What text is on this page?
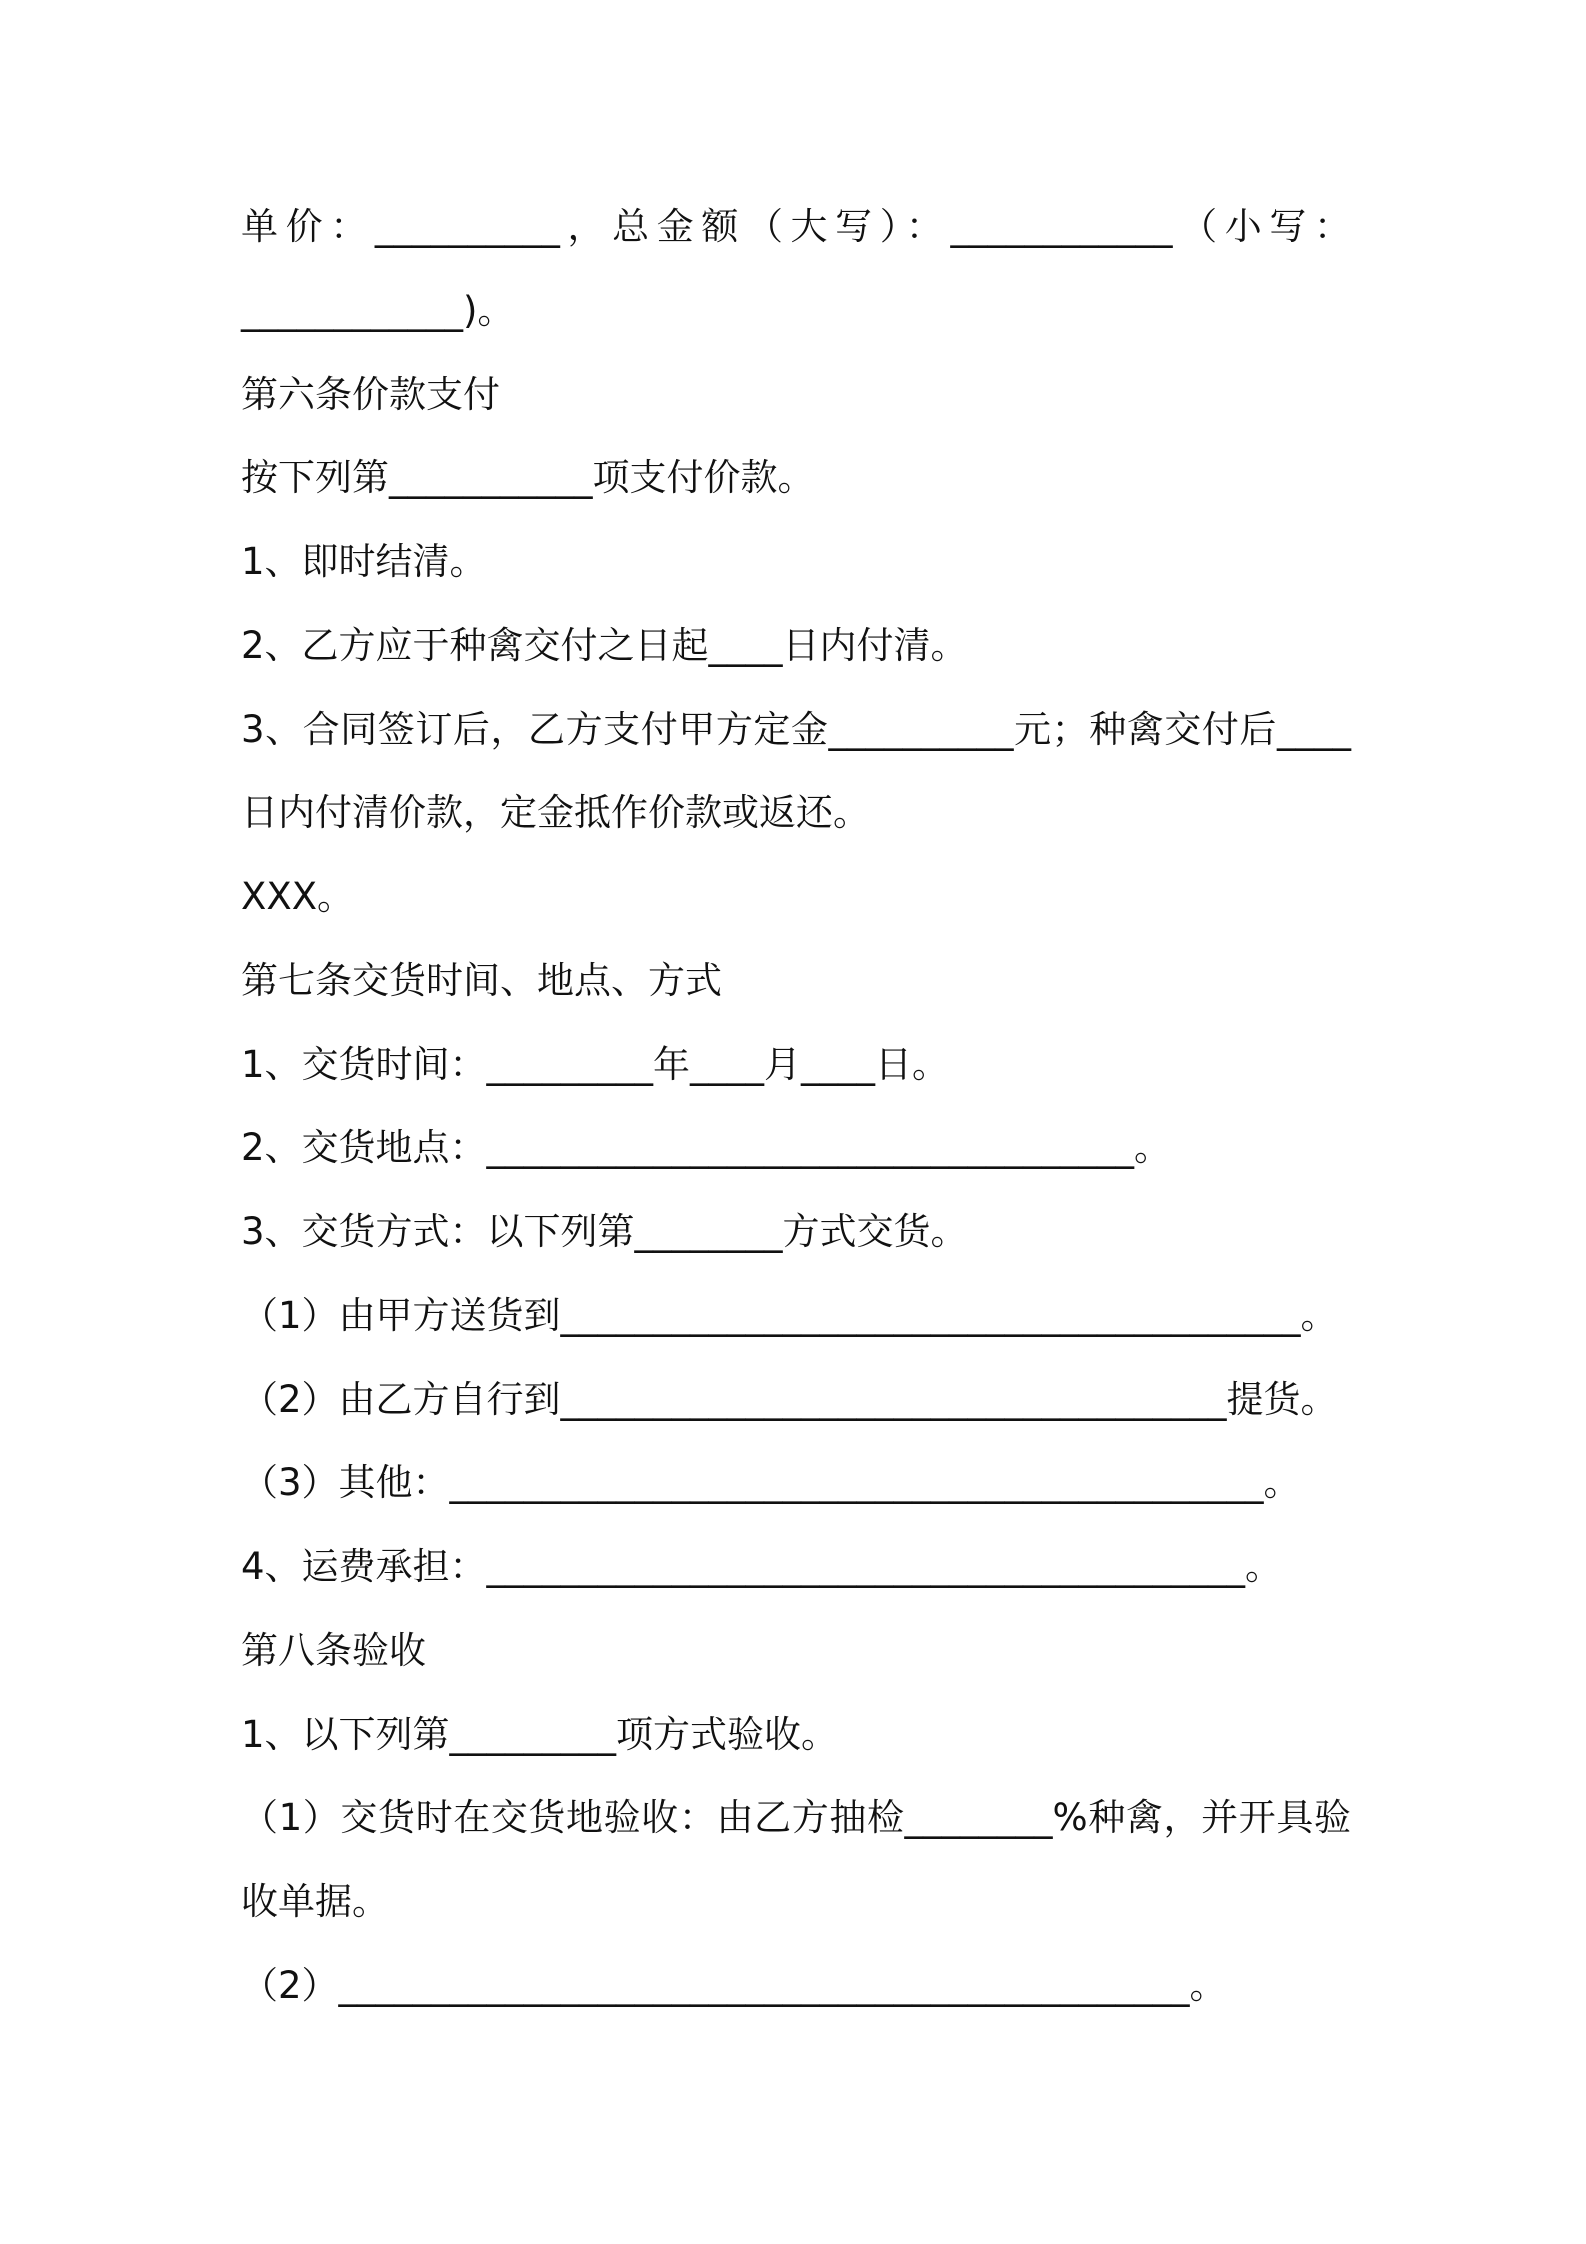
单价：__________，总金额（大写）：____________（小写：
____________)。
第六条价款支付
按下列第___________项支付价款。
1、即时结清。
2、乙方应于种禽交付之日起____日内付清。
3、合同签订后，乙方支付甲方定金__________元；种禽交付后____
日内付清价款，定金抵作价款或返还。
XXX。
第七条交货时间、地点、方式
1、交货时间：_________年____月____日。
2、交货地点：___________________________________。
3、交货方式：以下列第________方式交货。
（1）由甲方送货到________________________________________。
（2）由乙方自行到____________________________________提货。
（3）其他：____________________________________________。
4、运费承担：_________________________________________。
第八条验收
1、以下列第_________项方式验收。
（1）交货时在交货地验收：由乙方抽检________%种禽，并开具验
收单据。
（2）______________________________________________。
